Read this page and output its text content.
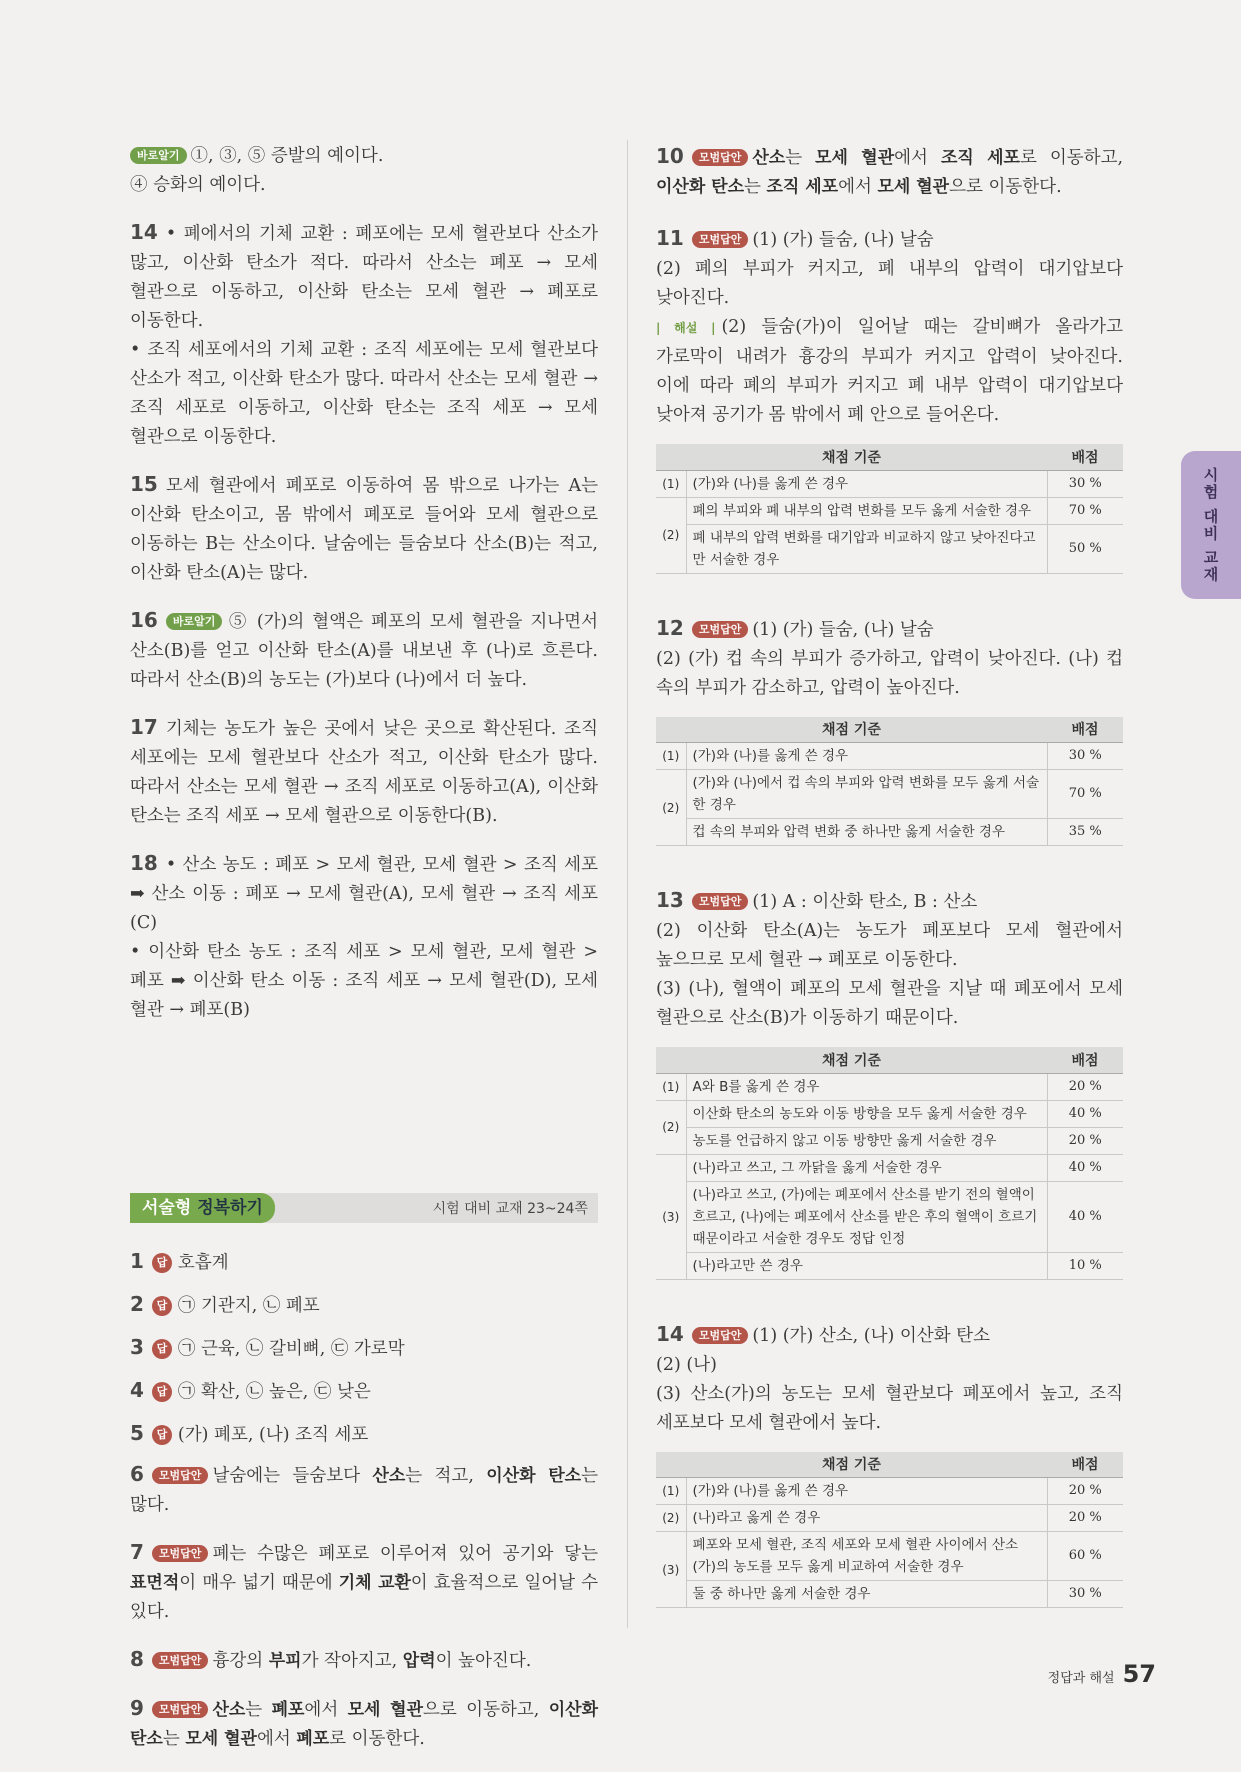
바로알기 ①, ③, ⑤ 증발의 예이다.

④ 승화의 예이다.

14 • 폐에서의 기체 교환 : 폐포에는 모세 혈관보다 산소가 많고, 이산화 탄소가 적다. 따라서 산소는 폐포 → 모세 혈관으로 이동하고, 이산화 탄소는 모세 혈관 → 폐포로 이동한다.

• 조직 세포에서의 기체 교환 : 조직 세포에는 모세 혈관보다 산소가 적고, 이산화 탄소가 많다. 따라서 산소는 모세 혈관 → 조직 세포로 이동하고, 이산화 탄소는 조직 세포 → 모세 혈관으로 이동한다.

15 모세 혈관에서 폐포로 이동하여 몸 밖으로 나가는 A는 이산화 탄소이고, 몸 밖에서 폐포로 들어와 모세 혈관으로 이동하는 B는 산소이다. 날숨에는 들숨보다 산소(B)는 적고, 이산화 탄소(A)는 많다.

16 바로알기 ⑤ (가)의 혈액은 폐포의 모세 혈관을 지나면서 산소(B)를 얻고 이산화 탄소(A)를 내보낸 후 (나)로 흐른다. 따라서 산소(B)의 농도는 (가)보다 (나)에서 더 높다.

17 기체는 농도가 높은 곳에서 낮은 곳으로 확산된다. 조직 세포에는 모세 혈관보다 산소가 적고, 이산화 탄소가 많다. 따라서 산소는 모세 혈관 → 조직 세포로 이동하고(A), 이산화 탄소는 조직 세포 → 모세 혈관으로 이동한다(B).

18 • 산소 농도 : 폐포 > 모세 혈관, 모세 혈관 > 조직 세포 ➡ 산소 이동 : 폐포 → 모세 혈관(A), 모세 혈관 → 조직 세포(C)

• 이산화 탄소 농도 : 조직 세포 > 모세 혈관, 모세 혈관 > 폐포 ➡ 이산화 탄소 이동 : 조직 세포 → 모세 혈관(D), 모세 혈관 → 폐포(B)

서술형 정복하기	시험 대비 교재 23~24쪽

1 답 호흡계

2 답 ㉠ 기관지, ㉡ 폐포

3 답 ㉠ 근육, ㉡ 갈비뼈, ㉢ 가로막

4 답 ㉠ 확산, ㉡ 높은, ㉢ 낮은

5 답 (가) 폐포, (나) 조직 세포

6 모범답안 날숨에는 들숨보다 산소는 적고, 이산화 탄소는 많다.

7 모범답안 폐는 수많은 폐포로 이루어져 있어 공기와 닿는 표면적이 매우 넓기 때문에 기체 교환이 효율적으로 일어날 수 있다.

8 모범답안 흉강의 부피가 작아지고, 압력이 높아진다.

9 모범답안 산소는 폐포에서 모세 혈관으로 이동하고, 이산화 탄소는 모세 혈관에서 폐포로 이동한다.

10 모범답안 산소는 모세 혈관에서 조직 세포로 이동하고, 이산화 탄소는 조직 세포에서 모세 혈관으로 이동한다.

11 모범답안 (1) (가) 들숨, (나) 날숨

(2) 폐의 부피가 커지고, 폐 내부의 압력이 대기압보다 낮아진다.

| 해설 | (2) 들숨(가)이 일어날 때는 갈비뼈가 올라가고 가로막이 내려가 흉강의 부피가 커지고 압력이 낮아진다. 이에 따라 폐의 부피가 커지고 폐 내부 압력이 대기압보다 낮아져 공기가 몸 밖에서 폐 안으로 들어온다.

채점 기준		배점
(1)	(가)와 (나)를 옳게 쓴 경우	30 %
(2)	폐의 부피와 폐 내부의 압력 변화를 모두 옳게 서술한 경우	70 %
	폐 내부의 압력 변화를 대기압과 비교하지 않고 낮아진다고만 서술한 경우	50 %

12 모범답안 (1) (가) 들숨, (나) 날숨

(2) (가) 컵 속의 부피가 증가하고, 압력이 낮아진다. (나) 컵 속의 부피가 감소하고, 압력이 높아진다.

채점 기준		배점
(1)	(가)와 (나)를 옳게 쓴 경우	30 %
(2)	(가)와 (나)에서 컵 속의 부피와 압력 변화를 모두 옳게 서술한 경우	70 %
	컵 속의 부피와 압력 변화 중 하나만 옳게 서술한 경우	35 %

13 모범답안 (1) A : 이산화 탄소, B : 산소

(2) 이산화 탄소(A)는 농도가 폐포보다 모세 혈관에서 높으므로 모세 혈관 → 폐포로 이동한다.

(3) (나), 혈액이 폐포의 모세 혈관을 지날 때 폐포에서 모세 혈관으로 산소(B)가 이동하기 때문이다.

채점 기준		배점
(1)	A와 B를 옳게 쓴 경우	20 %
(2)	이산화 탄소의 농도와 이동 방향을 모두 옳게 서술한 경우	40 %
	농도를 언급하지 않고 이동 방향만 옳게 서술한 경우	20 %
(3)	(나)라고 쓰고, 그 까닭을 옳게 서술한 경우	40 %
	(나)라고 쓰고, (가)에는 폐포에서 산소를 받기 전의 혈액이 흐르고, (나)에는 폐포에서 산소를 받은 후의 혈액이 흐르기 때문이라고 서술한 경우도 정답 인정	40 %
	(나)라고만 쓴 경우	10 %

14 모범답안 (1) (가) 산소, (나) 이산화 탄소

(2) (나)

(3) 산소(가)의 농도는 모세 혈관보다 폐포에서 높고, 조직 세포보다 모세 혈관에서 높다.

채점 기준		배점
(1)	(가)와 (나)를 옳게 쓴 경우	20 %
(2)	(나)라고 옳게 쓴 경우	20 %
(3)	폐포와 모세 혈관, 조직 세포와 모세 혈관 사이에서 산소(가)의 농도를 모두 옳게 비교하여 서술한 경우	60 %
	둘 중 하나만 옳게 서술한 경우	30 %
시험 대비 교재
정답과 해설 57
